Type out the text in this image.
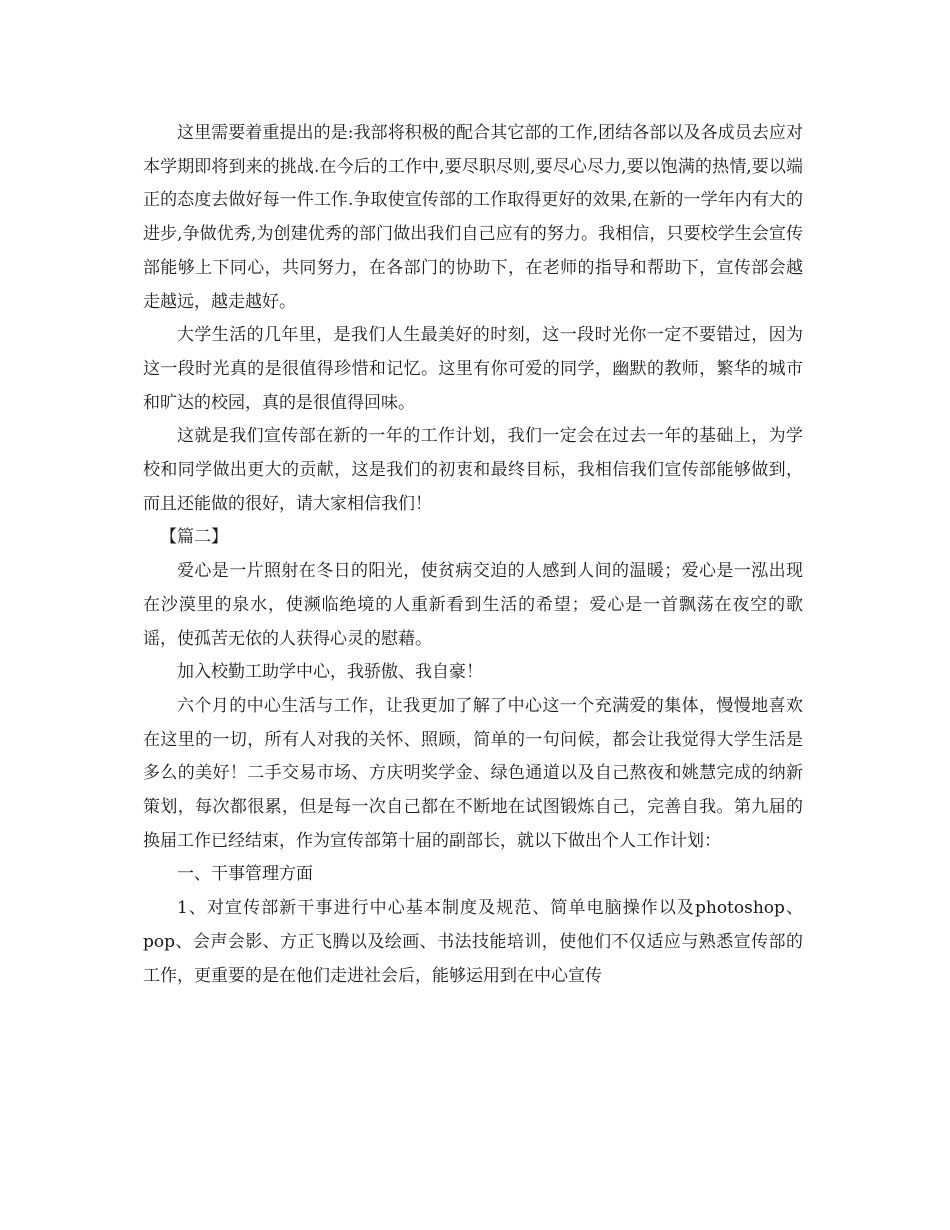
这里需要着重提出的是:我部将积极的配合其它部的工作,团结各部以及各成员去应对本学期即将到来的挑战.在今后的工作中,要尽职尽则,要尽心尽力,要以饱满的热情,要以端正的态度去做好每一件工作.争取使宣传部的工作取得更好的效果,在新的一学年内有大的进步,争做优秀,为创建优秀的部门做出我们自己应有的努力。我相信，只要校学生会宣传部能够上下同心，共同努力，在各部门的协助下，在老师的指导和帮助下，宣传部会越走越远，越走越好。

大学生活的几年里，是我们人生最美好的时刻，这一段时光你一定不要错过，因为这一段时光真的是很值得珍惜和记忆。这里有你可爱的同学，幽默的教师，繁华的城市和旷达的校园，真的是很值得回味。

这就是我们宣传部在新的一年的工作计划，我们一定会在过去一年的基础上，为学校和同学做出更大的贡献，这是我们的初衷和最终目标，我相信我们宣传部能够做到，而且还能做的很好，请大家相信我们！

【篇二】

爱心是一片照射在冬日的阳光，使贫病交迫的人感到人间的温暖；爱心是一泓出现在沙漠里的泉水，使濒临绝境的人重新看到生活的希望；爱心是一首飘荡在夜空的歌谣，使孤苦无依的人获得心灵的慰藉。

加入校勤工助学中心，我骄傲、我自豪！

六个月的中心生活与工作，让我更加了解了中心这一个充满爱的集体，慢慢地喜欢在这里的一切，所有人对我的关怀、照顾，简单的一句问候，都会让我觉得大学生活是多么的美好！二手交易市场、方庆明奖学金、绿色通道以及自己熬夜和姚慧完成的纳新策划，每次都很累，但是每一次自己都在不断地在试图锻炼自己，完善自我。第九届的换届工作已经结束，作为宣传部第十届的副部长，就以下做出个人工作计划：

一、干事管理方面

1、对宣传部新干事进行中心基本制度及规范、简单电脑操作以及photoshop、pop、会声会影、方正飞腾以及绘画、书法技能培训，使他们不仅适应与熟悉宣传部的工作，更重要的是在他们走进社会后，能够运用到在中心宣传
